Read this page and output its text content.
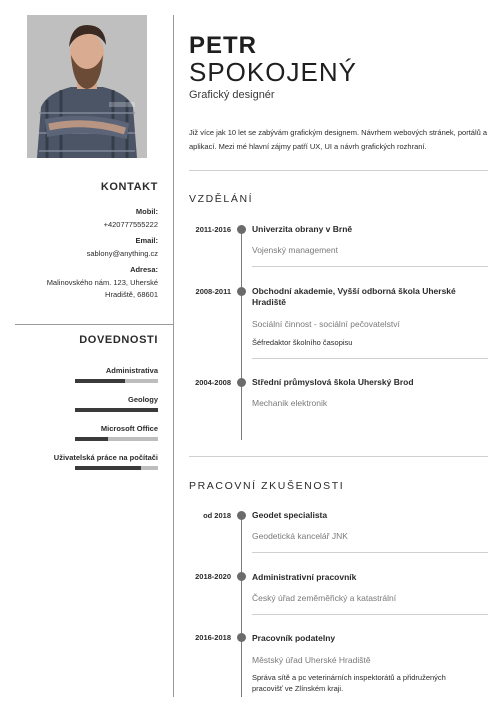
KONTAKT
Mobil:
+420777555222
Email:
sablony@anything.cz
Adresa:
Malinovského nám. 123, Uherské Hradiště, 68601
DOVEDNOSTI
Administrativa
Geology
Microsoft Office
Uživatelská práce na počítači
PETR
SPOKOJENÝ
Grafický designér
Již více jak 10 let se zabývám grafickým designem. Návrhem webových stránek, portálů a aplikací. Mezi mé hlavní zájmy patří UX, UI a návrh grafických rozhraní.
VZDĚLÁNÍ
2011-2016 Univerzita obrany v Brně
Vojenský management
2008-2011 Obchodní akademie, Vyšší odborná škola Uherské Hradiště
Sociální činnost - sociální pečovatelství
Šéfredaktor školního časopisu
2004-2008 Střední průmyslová škola Uherský Brod
Mechanik elektronik
PRACOVNÍ ZKUŠENOSTI
od 2018 Geodet specialista
Geodetická kancelář JNK
2018-2020 Administrativní pracovník
Český úřad zeměměřický a katastrální
2016-2018 Pracovník podatelny
Městský úřad Uherské Hradiště
Správa sítě a pc veterinárních inspektorátů a přidružených pracovišť ve Zlínském kraji.
